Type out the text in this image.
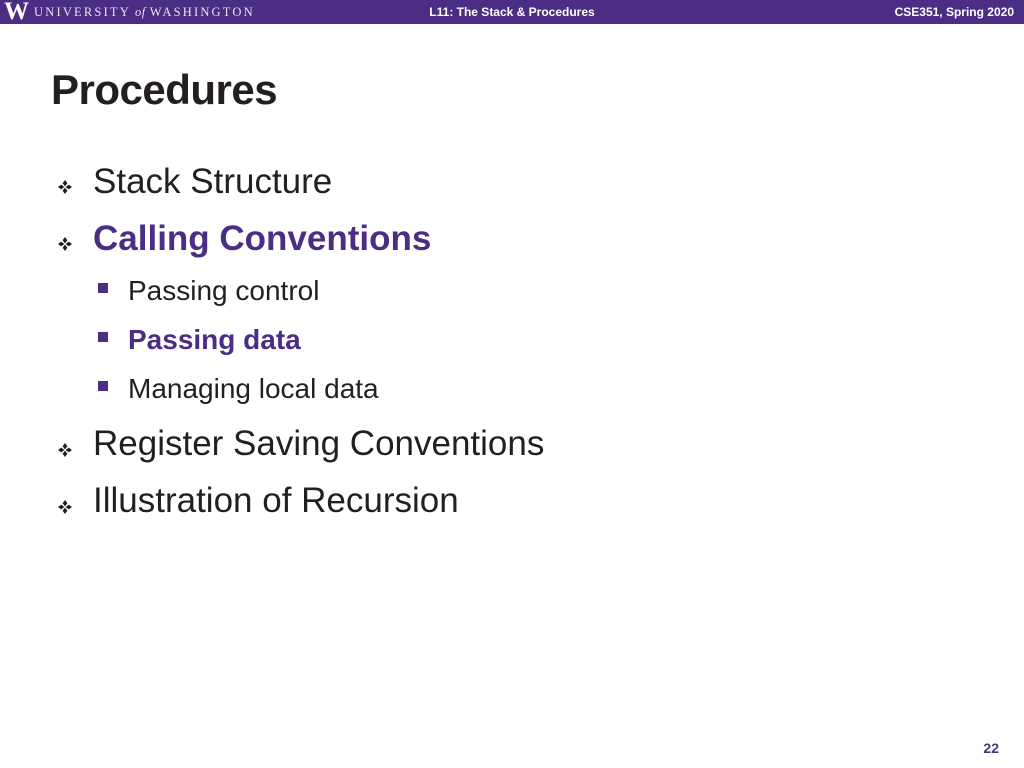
W UNIVERSITY of WASHINGTON	L11: The Stack & Procedures	CSE351, Spring 2020
Procedures
Stack Structure
Calling Conventions
Passing control
Passing data
Managing local data
Register Saving Conventions
Illustration of Recursion
22
